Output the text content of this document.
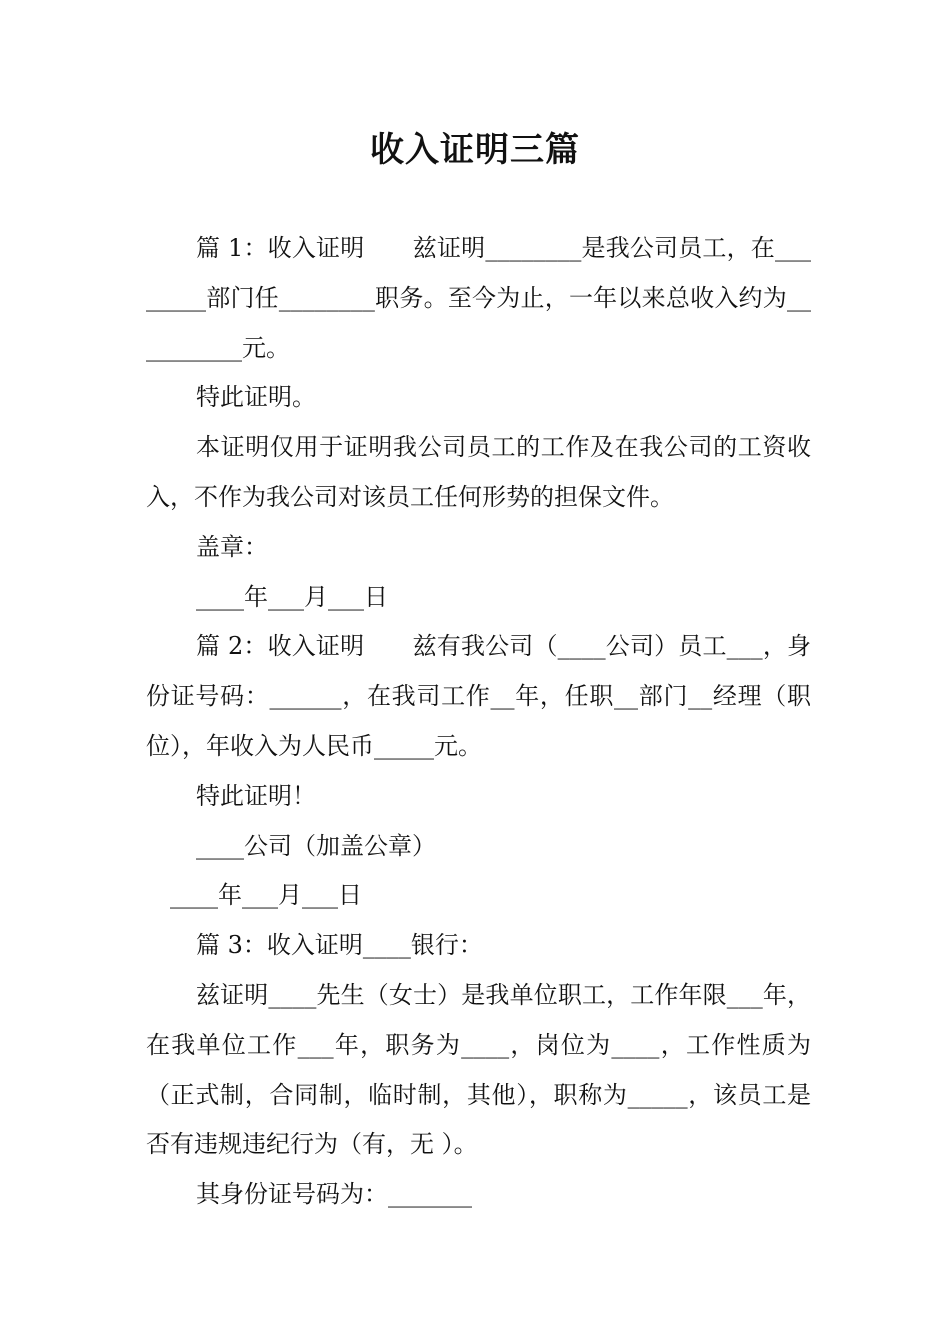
收入证明三篇

篇 1：收入证明　　兹证明________是我公司员工，在________部门任________职务。至今为止，一年以来总收入约为__________元。

特此证明。

本证明仅用于证明我公司员工的工作及在我公司的工资收入，不作为我公司对该员工任何形势的担保文件。

盖章：

____年___月___日

篇 2：收入证明　　兹有我公司（____公司）员工___，身份证号码：______，在我司工作__年，任职__部门__经理（职位），年收入为人民币_____元。

特此证明！

____公司（加盖公章）

____年___月___日

篇 3：收入证明____银行：

兹证明____先生（女士）是我单位职工，工作年限___年，在我单位工作___年，职务为____，岗位为____，工作性质为（正式制，合同制，临时制，其他），职称为_____，该员工是否有违规违纪行为（有，无 ）。

其身份证号码为：_______
